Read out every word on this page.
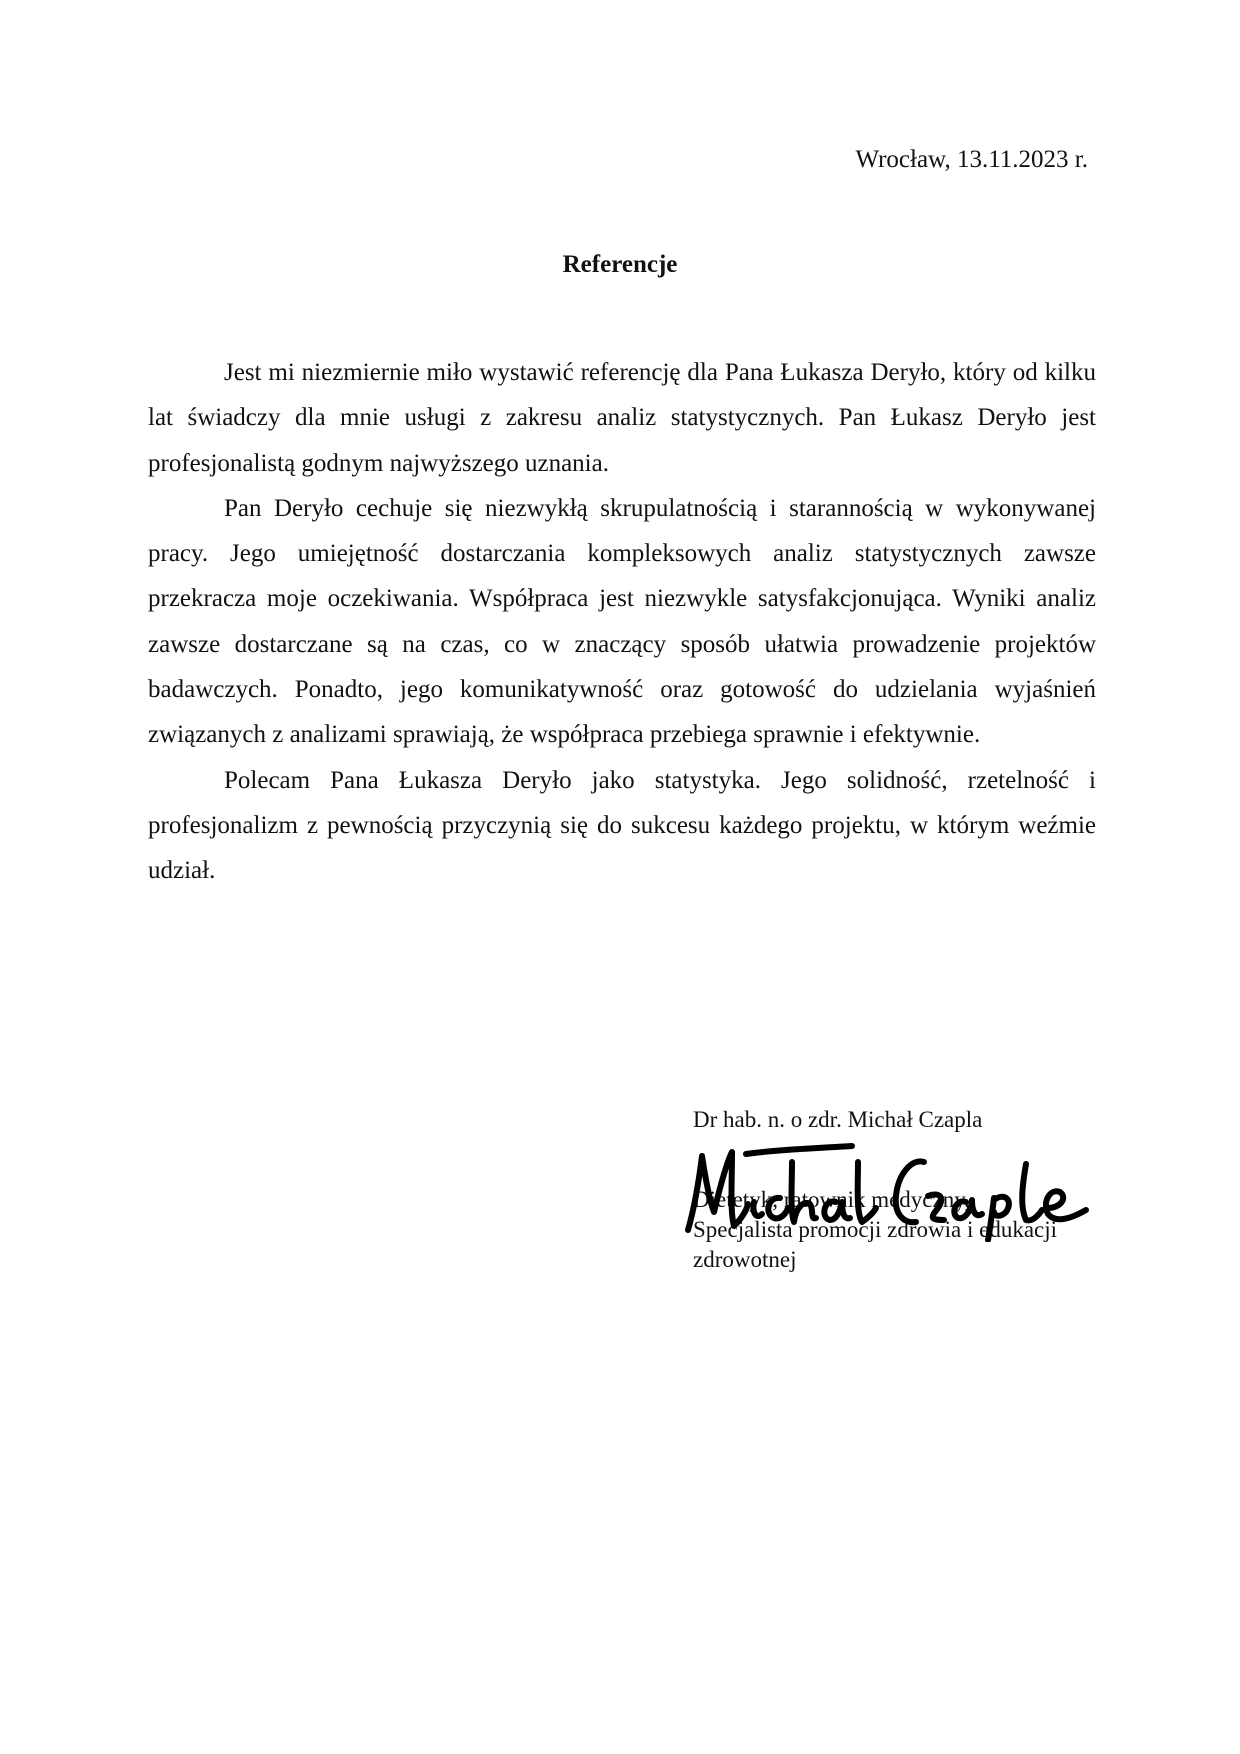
Wrocław, 13.11.2023 r.
Referencje

Jest mi niezmiernie miło wystawić referencję dla Pana Łukasza Deryło, który od kilku lat świadczy dla mnie usługi z zakresu analiz statystycznych. Pan Łukasz Deryło jest profesjonalistą godnym najwyższego uznania.

Pan Deryło cechuje się niezwykłą skrupulatnością i starannością w wykonywanej pracy. Jego umiejętność dostarczania kompleksowych analiz statystycznych zawsze przekracza moje oczekiwania. Współpraca jest niezwykle satysfakcjonująca. Wyniki analiz zawsze dostarczane są na czas, co w znaczący sposób ułatwia prowadzenie projektów badawczych. Ponadto, jego komunikatywność oraz gotowość do udzielania wyjaśnień związanych z analizami sprawiają, że współpraca przebiega sprawnie i efektywnie.

Polecam Pana Łukasza Deryło jako statystyka. Jego solidność, rzetelność i profesjonalizm z pewnością przyczynią się do sukcesu każdego projektu, w którym weźmie udział.

Dr hab. n. o zdr. Michał Czapla
Dietetyk, ratownik medyczny,
Specjalista promocji zdrowia i edukacji
zdrowotnej
